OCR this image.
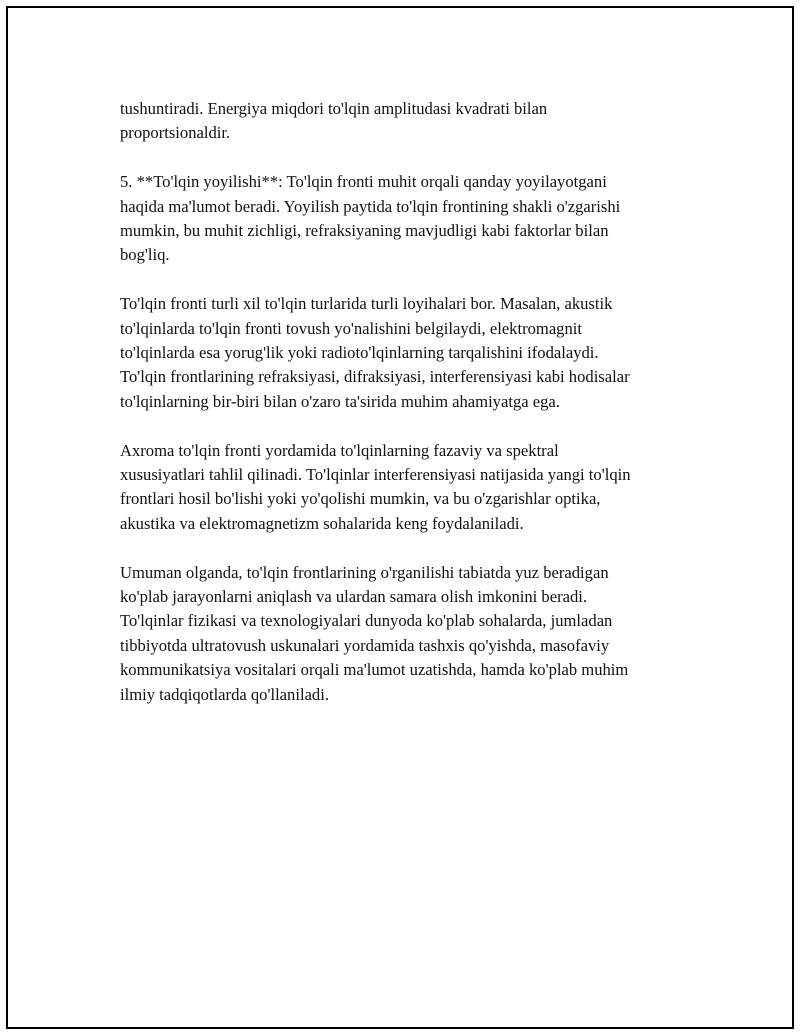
tushuntiradi. Energiya miqdori to'lqin amplitudasi kvadrati bilan
proportsionaldir.

5. **To'lqin yoyilishi**: To'lqin fronti muhit orqali qanday yoyilayotgani
haqida ma'lumot beradi. Yoyilish paytida to'lqin frontining shakli o'zgarishi
mumkin, bu muhit zichligi, refraksiyaning mavjudligi kabi faktorlar bilan
bog'liq.

To'lqin fronti turli xil to'lqin turlarida turli loyihalari bor. Masalan, akustik
to'lqinlarda to'lqin fronti tovush yo'nalishini belgilaydi, elektromagnit
to'lqinlarda esa yorug'lik yoki radioto'lqinlarning tarqalishini ifodalaydi.
To'lqin frontlarining refraksiyasi, difraksiyasi, interferensiyasi kabi hodisalar
to'lqinlarning bir-biri bilan o'zaro ta'sirida muhim ahamiyatga ega.

Axroma to'lqin fronti yordamida to'lqinlarning fazaviy va spektral
xususiyatlari tahlil qilinadi. To'lqinlar interferensiyasi natijasida yangi to'lqin
frontlari hosil bo'lishi yoki yo'qolishi mumkin, va bu o'zgarishlar optika,
akustika va elektromagnetizm sohalarida keng foydalaniladi.

Umuman olganda, to'lqin frontlarining o'rganilishi tabiatda yuz beradigan
ko'plab jarayonlarni aniqlash va ulardan samara olish imkonini beradi.
To'lqinlar fizikasi va texnologiyalari dunyoda ko'plab sohalarda, jumladan
tibbiyotda ultratovush uskunalari yordamida tashxis qo'yishda, masofaviy
kommunikatsiya vositalari orqali ma'lumot uzatishda, hamda ko'plab muhim
ilmiy tadqiqotlarda qo'llaniladi.
